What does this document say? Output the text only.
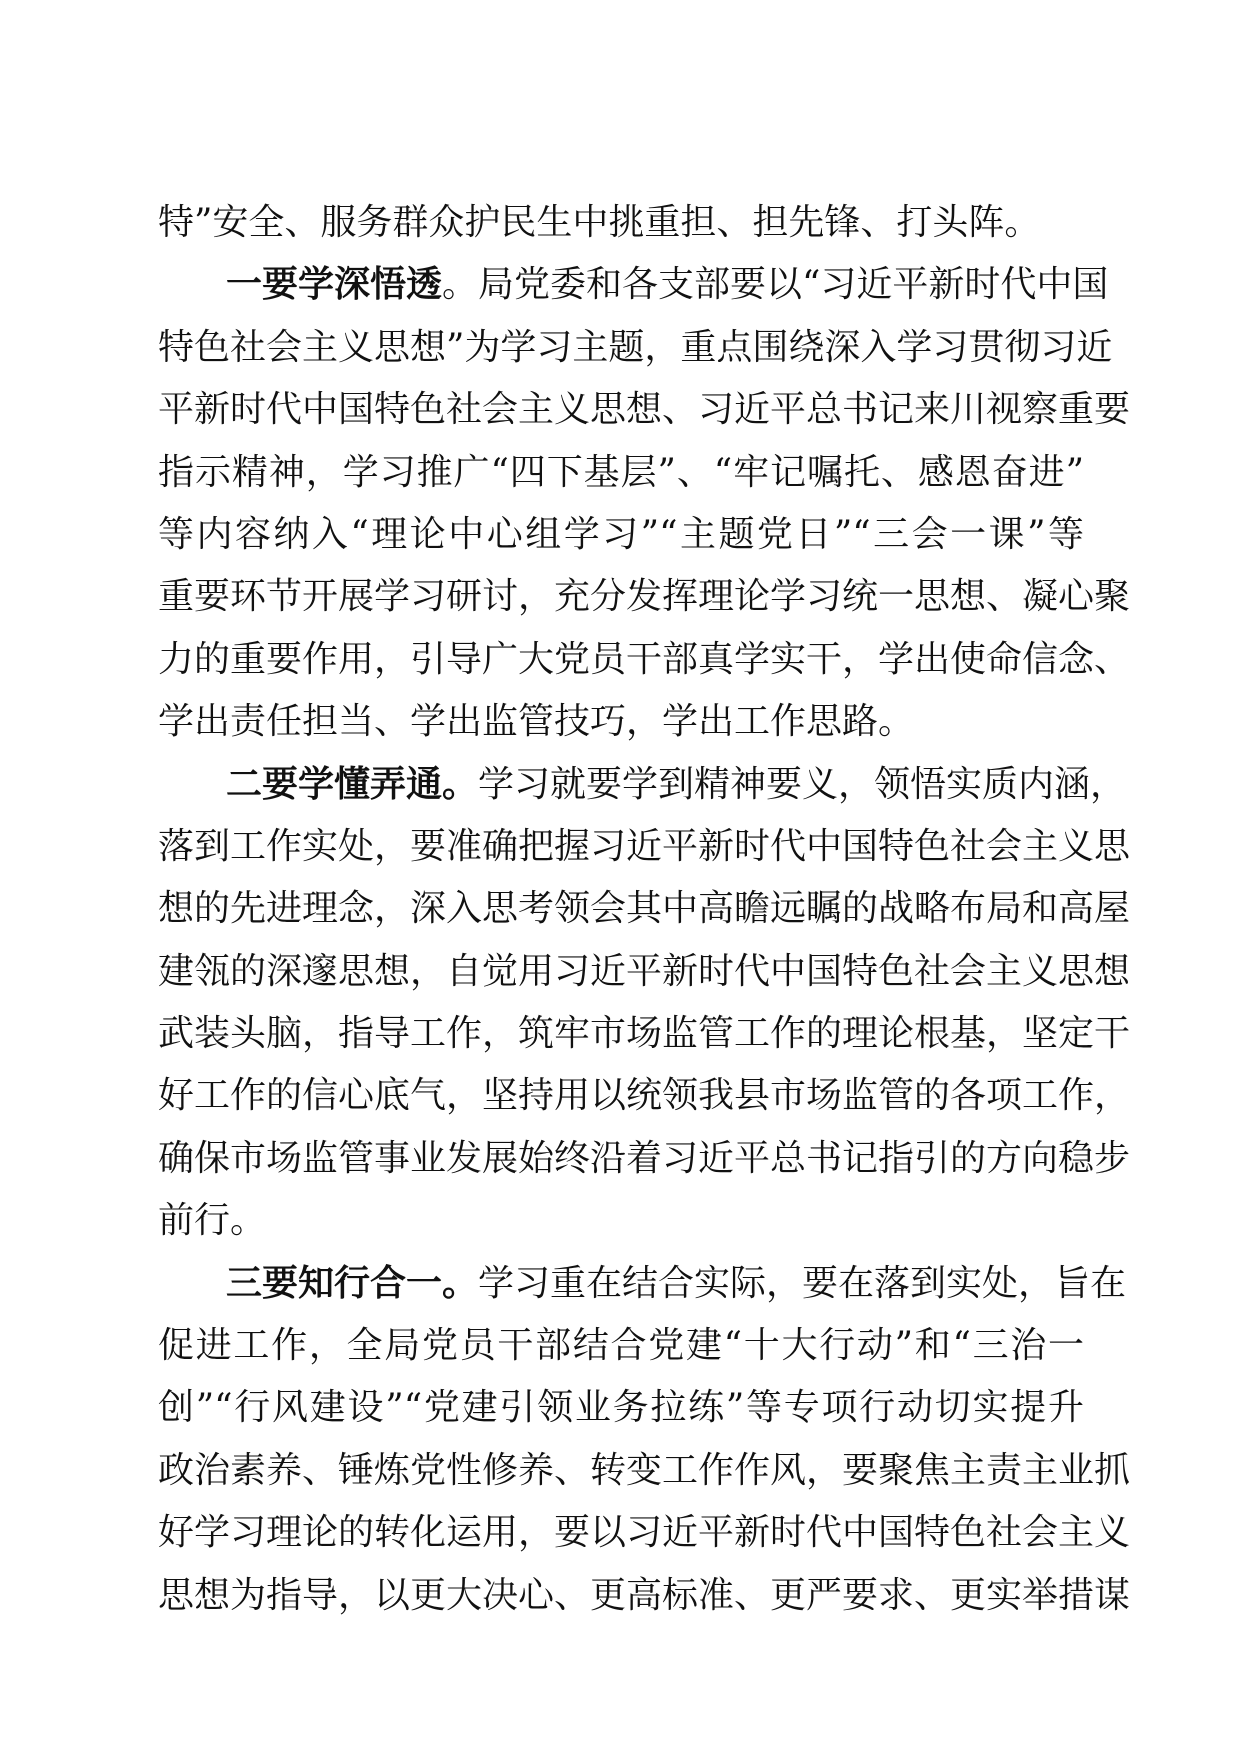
特”安全、服务群众护民生中挑重担、担先锋、打头阵。
一要学深悟透。局党委和各支部要以“习近平新时代中国
特色社会主义思想”为学习主题，重点围绕深入学习贯彻习近
平新时代中国特色社会主义思想、习近平总书记来川视察重要
指示精神，学习推广“四下基层”、“牢记嘱托、感恩奋进”
等内容纳入“理论中心组学习”“主题党日”“三会一课”等
重要环节开展学习研讨，充分发挥理论学习统一思想、凝心聚
力的重要作用，引导广大党员干部真学实干，学出使命信念、
学出责任担当、学出监管技巧，学出工作思路。
二要学懂弄通。学习就要学到精神要义，领悟实质内涵，
落到工作实处，要准确把握习近平新时代中国特色社会主义思
想的先进理念，深入思考领会其中高瞻远瞩的战略布局和高屋
建瓴的深邃思想，自觉用习近平新时代中国特色社会主义思想
武装头脑，指导工作，筑牢市场监管工作的理论根基，坚定干
好工作的信心底气，坚持用以统领我县市场监管的各项工作，
确保市场监管事业发展始终沿着习近平总书记指引的方向稳步
前行。
三要知行合一。学习重在结合实际，要在落到实处，旨在
促进工作，全局党员干部结合党建“十大行动”和“三治一
创”“行风建设”“党建引领业务拉练”等专项行动切实提升
政治素养、锤炼党性修养、转变工作作风，要聚焦主责主业抓
好学习理论的转化运用，要以习近平新时代中国特色社会主义
思想为指导，以更大决心、更高标准、更严要求、更实举措谋
